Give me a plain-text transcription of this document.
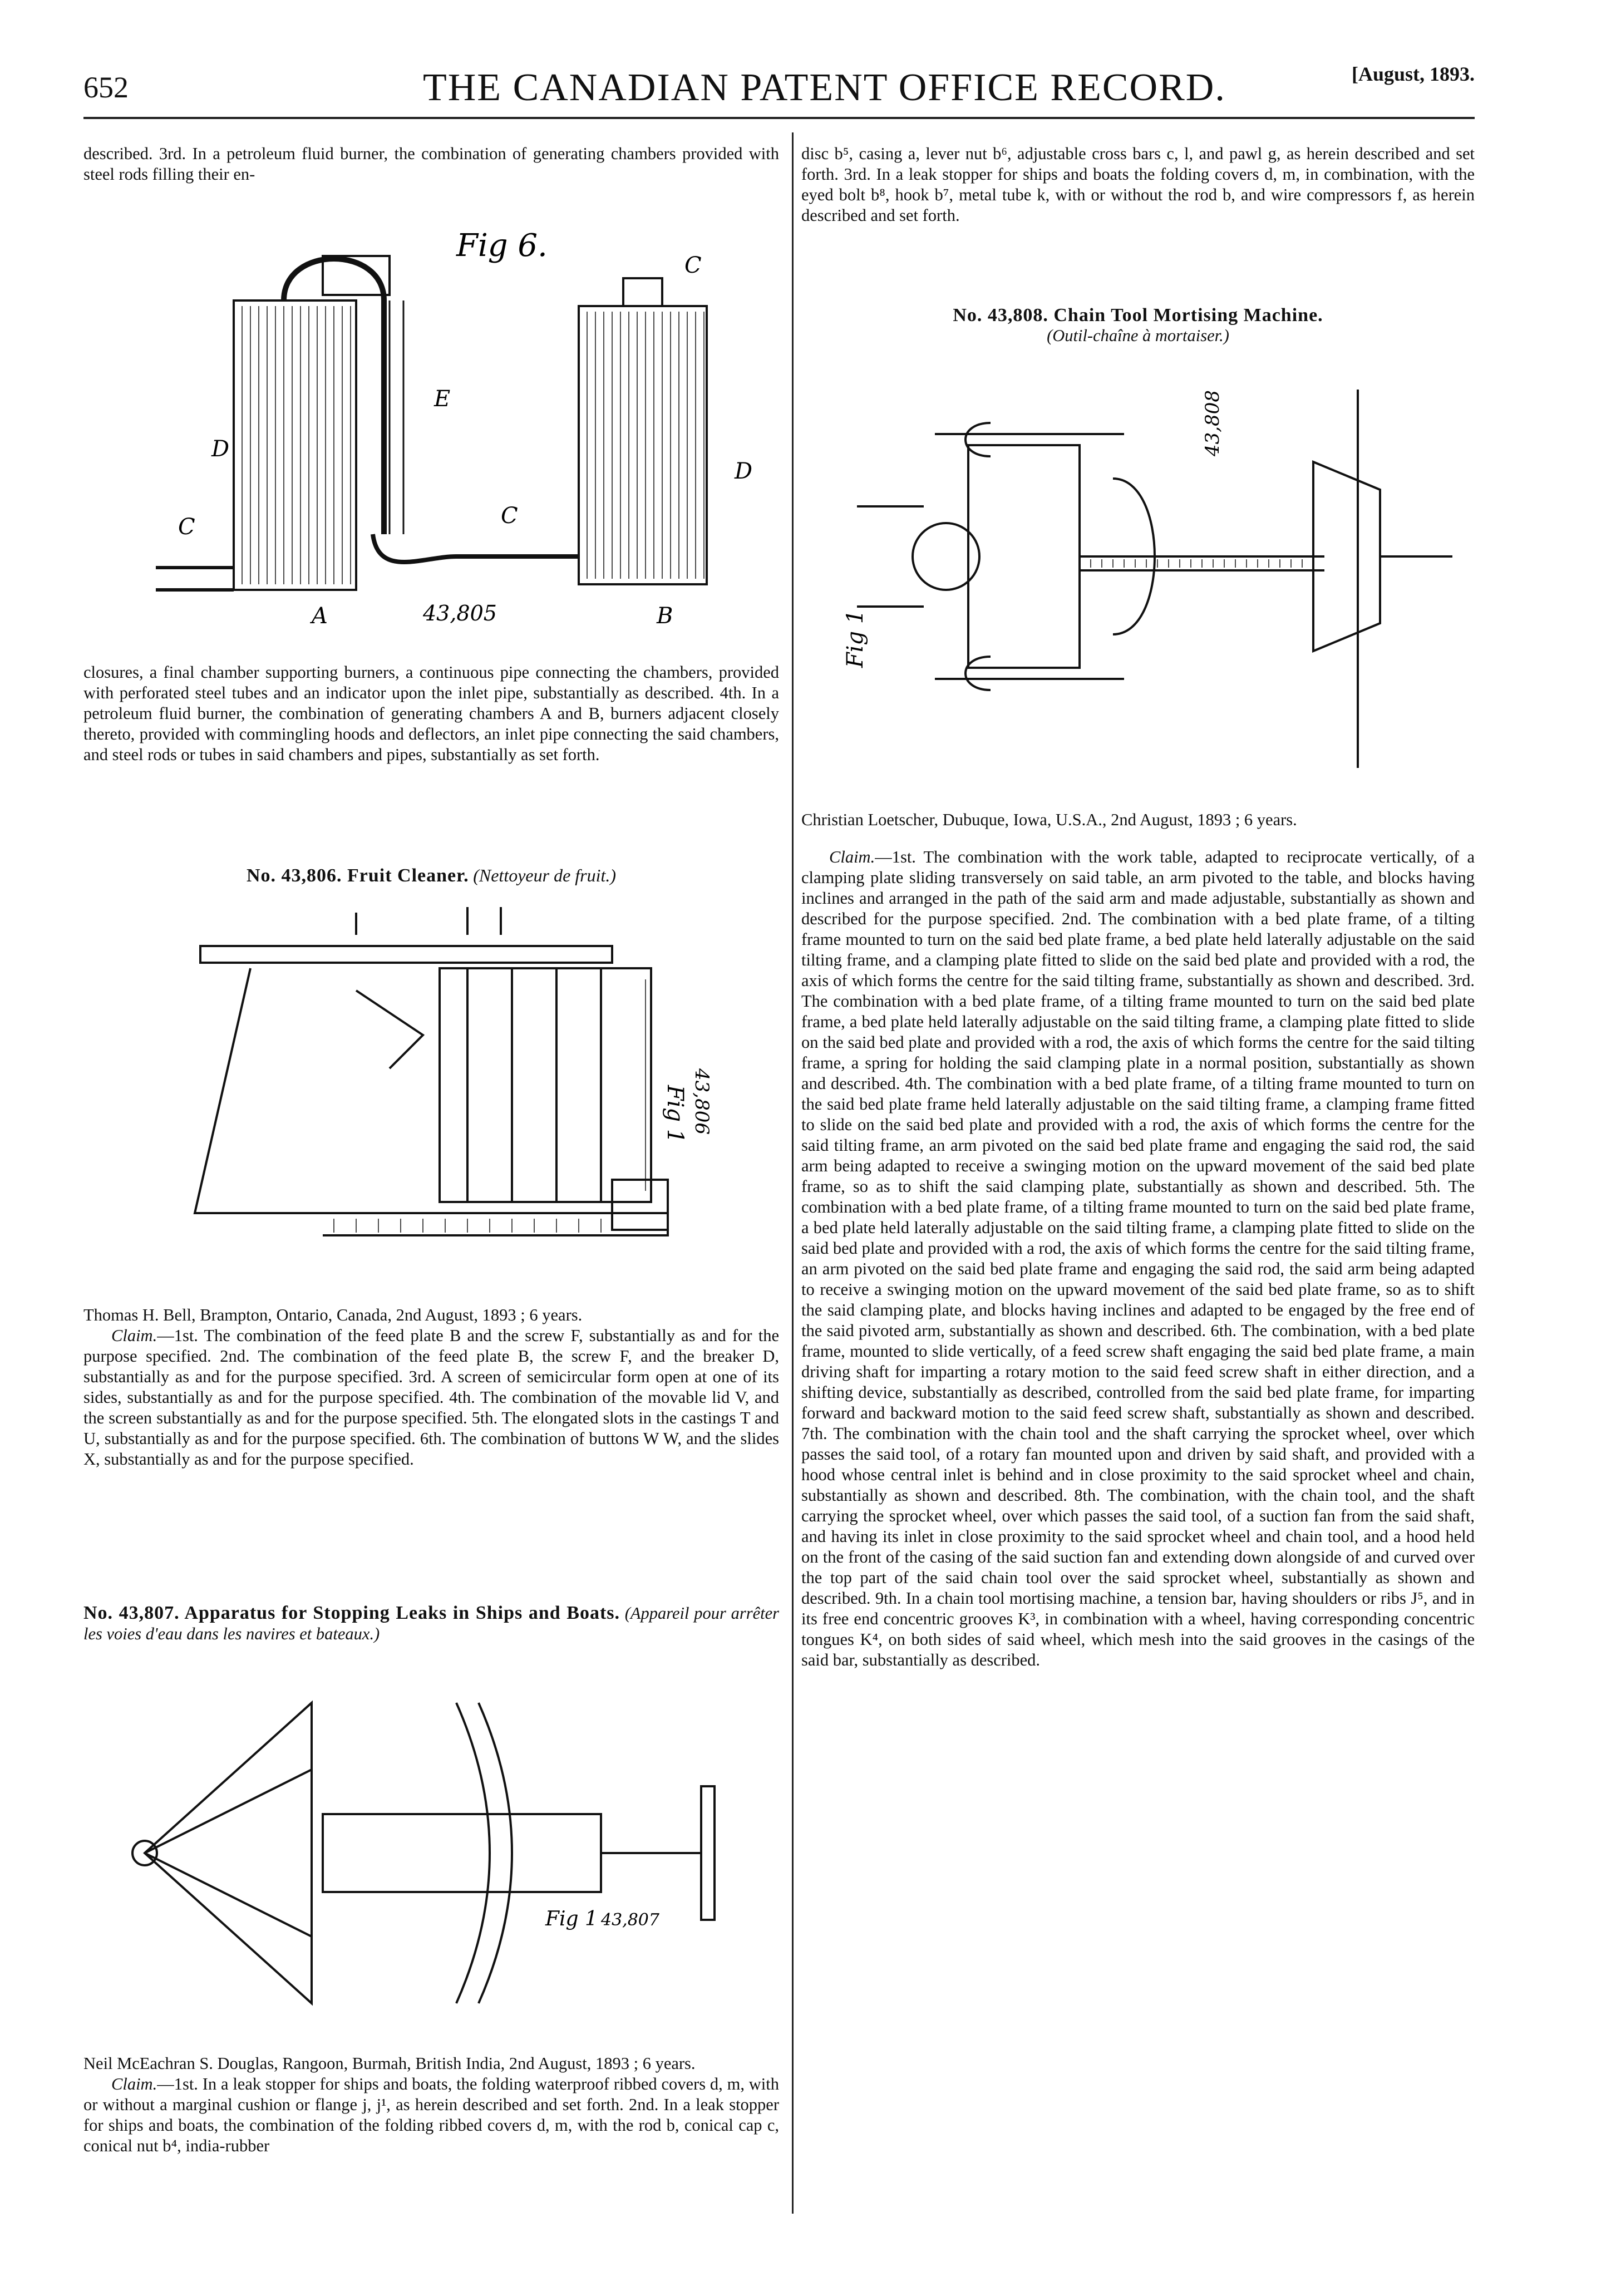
652	THE CANADIAN PATENT OFFICE RECORD.	[August, 1893.

described. 3rd. In a petroleum fluid burner, the combination of generating chambers provided with steel rods filling their en-

Fig 6.
C
E
D
D
C	C
A	B
43,805

closures, a final chamber supporting burners, a continuous pipe connecting the chambers, provided with perforated steel tubes and an indicator upon the inlet pipe, substantially as described. 4th. In a petroleum fluid burner, the combination of generating chambers A and B, burners adjacent closely thereto, provided with commingling hoods and deflectors, an inlet pipe connecting the said chambers, and steel rods or tubes in said chambers and pipes, substantially as set forth.

No. 43,806. Fruit Cleaner. (Nettoyeur de fruit.)
Fig 1 43,806

Thomas H. Bell, Brampton, Ontario, Canada, 2nd August, 1893 ; 6 years.

Claim.—1st. The combination of the feed plate B and the screw F, substantially as and for the purpose specified. 2nd. The combination of the feed plate B, the screw F, and the breaker D, substantially as and for the purpose specified. 3rd. A screen of semicircular form open at one of its sides, substantially as and for the purpose specified. 4th. The combination of the movable lid V, and the screen substantially as and for the purpose specified. 5th. The elongated slots in the castings T and U, substantially as and for the purpose specified. 6th. The combination of buttons W W, and the slides X, substantially as and for the purpose specified.

No. 43,807. Apparatus for Stopping Leaks in Ships and Boats. (Appareil pour arrêter les voies d'eau dans les navires et bateaux.)

Fig 1 43,807

Neil McEachran S. Douglas, Rangoon, Burmah, British India, 2nd August, 1893 ; 6 years.

Claim.—1st. In a leak stopper for ships and boats, the folding waterproof ribbed covers d, m, with or without a marginal cushion or flange j, j¹, as herein described and set forth. 2nd. In a leak stopper for ships and boats, the combination of the folding ribbed covers d, m, with the rod b, conical cap c, conical nut b⁴, india-rubber

disc b⁵, casing a, lever nut b⁶, adjustable cross bars c, l, and pawl g, as herein described and set forth. 3rd. In a leak stopper for ships and boats the folding covers d, m, in combination, with the eyed bolt b⁸, hook b⁷, metal tube k, with or without the rod b, and wire compressors f, as herein described and set forth.

No. 43,808. Chain Tool Mortising Machine.

(Outil-chaîne à mortaiser.)

Fig 1
43,808

Christian Loetscher, Dubuque, Iowa, U.S.A., 2nd August, 1893 ; 6 years.

Claim.—1st. The combination with the work table, adapted to reciprocate vertically, of a clamping plate sliding transversely on said table, an arm pivoted to the table, and blocks having inclines and arranged in the path of the said arm and made adjustable, substantially as shown and described for the purpose specified. 2nd. The combination with a bed plate frame, of a tilting frame mounted to turn on the said bed plate frame, a bed plate held laterally adjustable on the said tilting frame, and a clamping plate fitted to slide on the said bed plate and provided with a rod, the axis of which forms the centre for the said tilting frame, substantially as shown and described. 3rd. The combination with a bed plate frame, of a tilting frame mounted to turn on the said bed plate frame, a bed plate held laterally adjustable on the said tilting frame, a clamping plate fitted to slide on the said bed plate and provided with a rod, the axis of which forms the centre for the said tilting frame, a spring for holding the said clamping plate in a normal position, substantially as shown and described. 4th. The combination with a bed plate frame, of a tilting frame mounted to turn on the said bed plate frame held laterally adjustable on the said tilting frame, a clamping frame fitted to slide on the said bed plate and provided with a rod, the axis of which forms the centre for the said tilting frame, an arm pivoted on the said bed plate frame and engaging the said rod, the said arm being adapted to receive a swinging motion on the upward movement of the said bed plate frame, so as to shift the said clamping plate, substantially as shown and described. 5th. The combination with a bed plate frame, of a tilting frame mounted to turn on the said bed plate frame, a bed plate held laterally adjustable on the said tilting frame, a clamping plate fitted to slide on the said bed plate and provided with a rod, the axis of which forms the centre for the said tilting frame, an arm pivoted on the said bed plate frame and engaging the said rod, the said arm being adapted to receive a swinging motion on the upward movement of the said bed plate frame, so as to shift the said clamping plate, and blocks having inclines and adapted to be engaged by the free end of the said pivoted arm, substantially as shown and described. 6th. The combination, with a bed plate frame, mounted to slide vertically, of a feed screw shaft engaging the said bed plate frame, a main driving shaft for imparting a rotary motion to the said feed screw shaft in either direction, and a shifting device, substantially as described, controlled from the said bed plate frame, for imparting forward and backward motion to the said feed screw shaft, substantially as shown and described. 7th. The combination with the chain tool and the shaft carrying the sprocket wheel, over which passes the said tool, of a rotary fan mounted upon and driven by said shaft, and provided with a hood whose central inlet is behind and in close proximity to the said sprocket wheel and chain, substantially as shown and described. 8th. The combination, with the chain tool, and the shaft carrying the sprocket wheel, over which passes the said tool, of a suction fan from the said shaft, and having its inlet in close proximity to the said sprocket wheel and chain tool, and a hood held on the front of the casing of the said suction fan and extending down alongside of and curved over the top part of the said chain tool over the said sprocket wheel, substantially as shown and described. 9th. In a chain tool mortising machine, a tension bar, having shoulders or ribs J⁵, and in its free end concentric grooves K³, in combination with a wheel, having corresponding concentric tongues K⁴, on both sides of said wheel, which mesh into the said grooves in the casings of the said bar, substantially as described.
